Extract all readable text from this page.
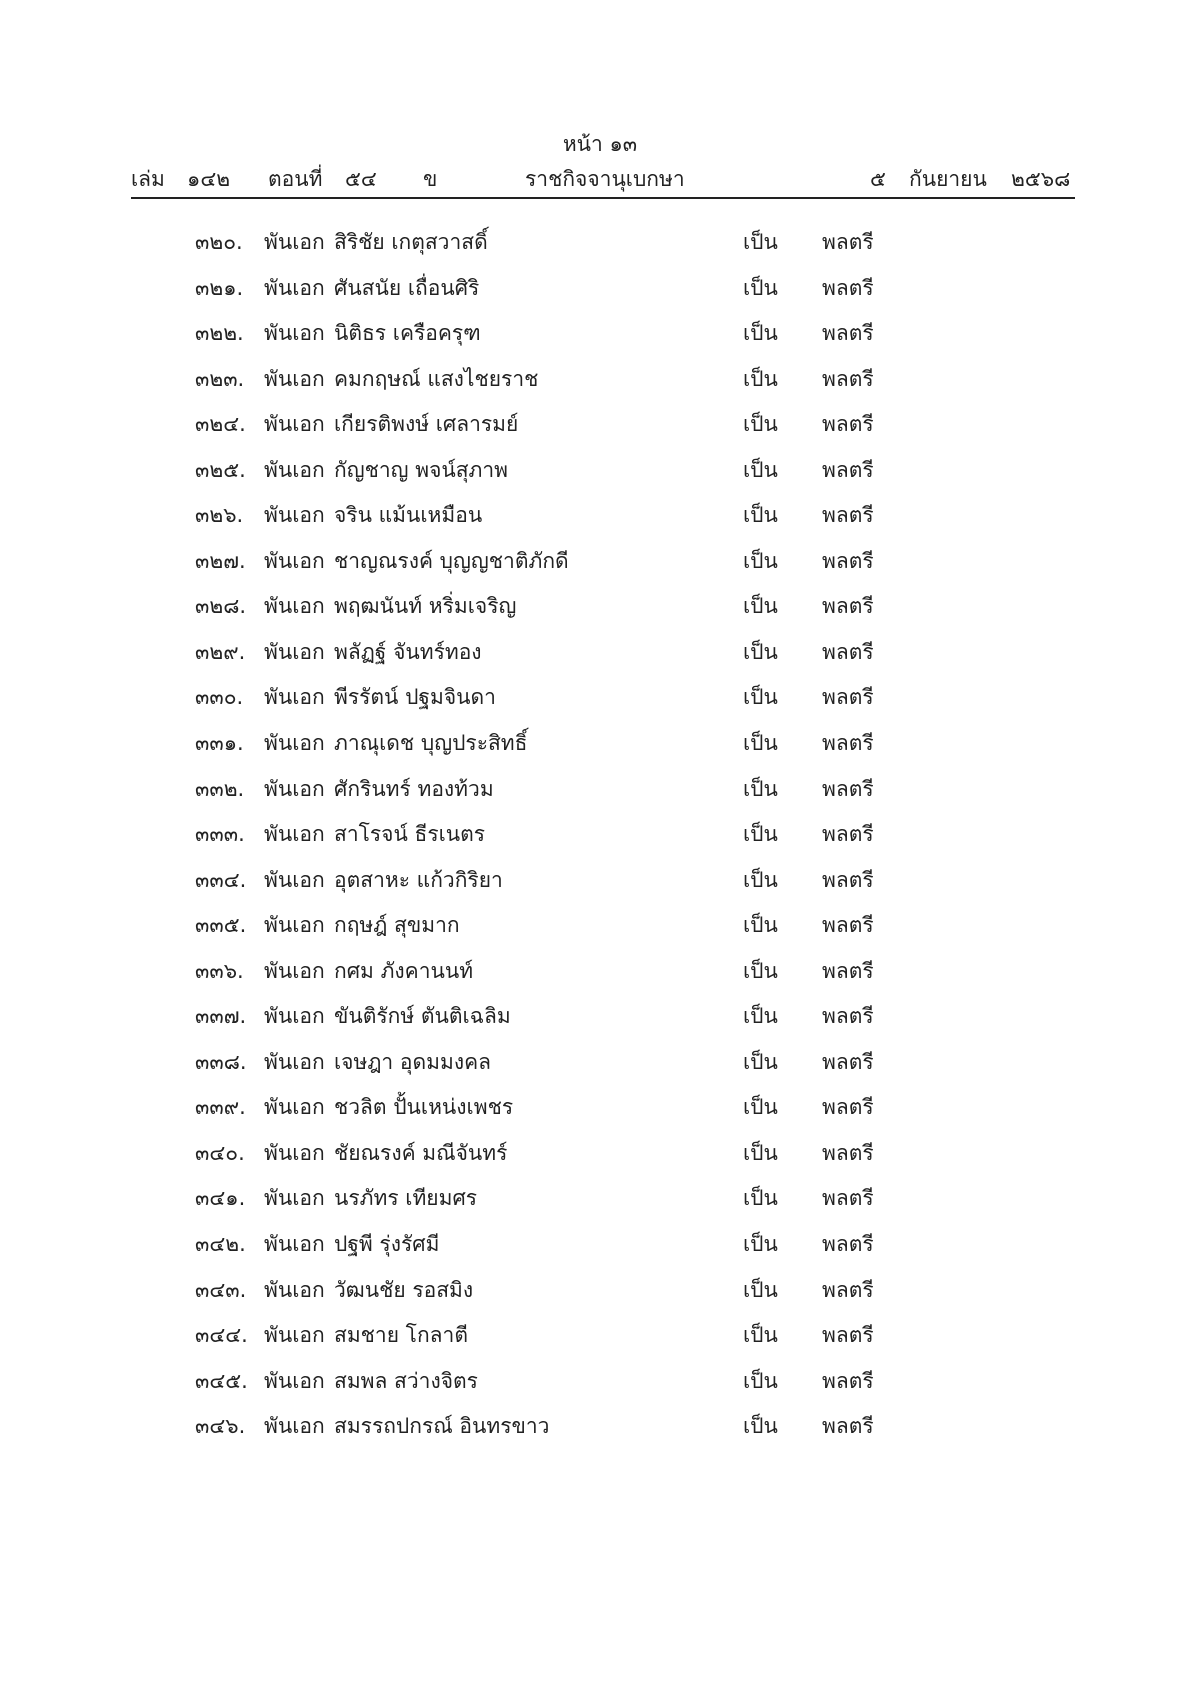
หน้า ๑๓
เล่ม ๑๔๒ ตอนที่ ๕๔ ข	ราชกิจจานุเบกษา	๕ กันยายน ๒๕๖๘
๓๒๐. พันเอก สิริชัย เกตุสวาสดิ์	เป็น พลตรี
๓๒๑. พันเอก ศันสนัย เถื่อนศิริ	เป็น พลตรี
๓๒๒. พันเอก นิติธร เครือครุฑ	เป็น พลตรี
๓๒๓. พันเอก คมกฤษณ์ แสงไชยราช	เป็น พลตรี
๓๒๔. พันเอก เกียรติพงษ์ เศลารมย์	เป็น พลตรี
๓๒๕. พันเอก กัญชาญ พจน์สุภาพ	เป็น พลตรี
๓๒๖. พันเอก จริน แม้นเหมือน	เป็น พลตรี
๓๒๗. พันเอก ชาญณรงค์ บุญญชาติภักดี	เป็น พลตรี
๓๒๘. พันเอก พฤฒนันท์ หริ่มเจริญ	เป็น พลตรี
๓๒๙. พันเอก พลัฏฐ์ จันทร์ทอง	เป็น พลตรี
๓๓๐. พันเอก พีรรัตน์ ปฐมจินดา	เป็น พลตรี
๓๓๑. พันเอก ภาณุเดช บุญประสิทธิ์	เป็น พลตรี
๓๓๒. พันเอก ศักรินทร์ ทองท้วม	เป็น พลตรี
๓๓๓. พันเอก สาโรจน์ ธีรเนตร	เป็น พลตรี
๓๓๔. พันเอก อุตสาหะ แก้วกิริยา	เป็น พลตรี
๓๓๕. พันเอก กฤษฎ์ สุขมาก	เป็น พลตรี
๓๓๖. พันเอก กศม ภังคานนท์	เป็น พลตรี
๓๓๗. พันเอก ขันติรักษ์ ตันติเฉลิม	เป็น พลตรี
๓๓๘. พันเอก เจษฎา อุดมมงคล	เป็น พลตรี
๓๓๙. พันเอก ชวลิต ปั้นเหน่งเพชร	เป็น พลตรี
๓๔๐. พันเอก ชัยณรงค์ มณีจันทร์	เป็น พลตรี
๓๔๑. พันเอก นรภัทร เทียมศร	เป็น พลตรี
๓๔๒. พันเอก ปฐพี รุ่งรัศมี	เป็น พลตรี
๓๔๓. พันเอก วัฒนชัย รอสมิง	เป็น พลตรี
๓๔๔. พันเอก สมชาย โกลาตี	เป็น พลตรี
๓๔๕. พันเอก สมพล สว่างจิตร	เป็น พลตรี
๓๔๖. พันเอก สมรรถปกรณ์ อินทรขาว	เป็น พลตรี
